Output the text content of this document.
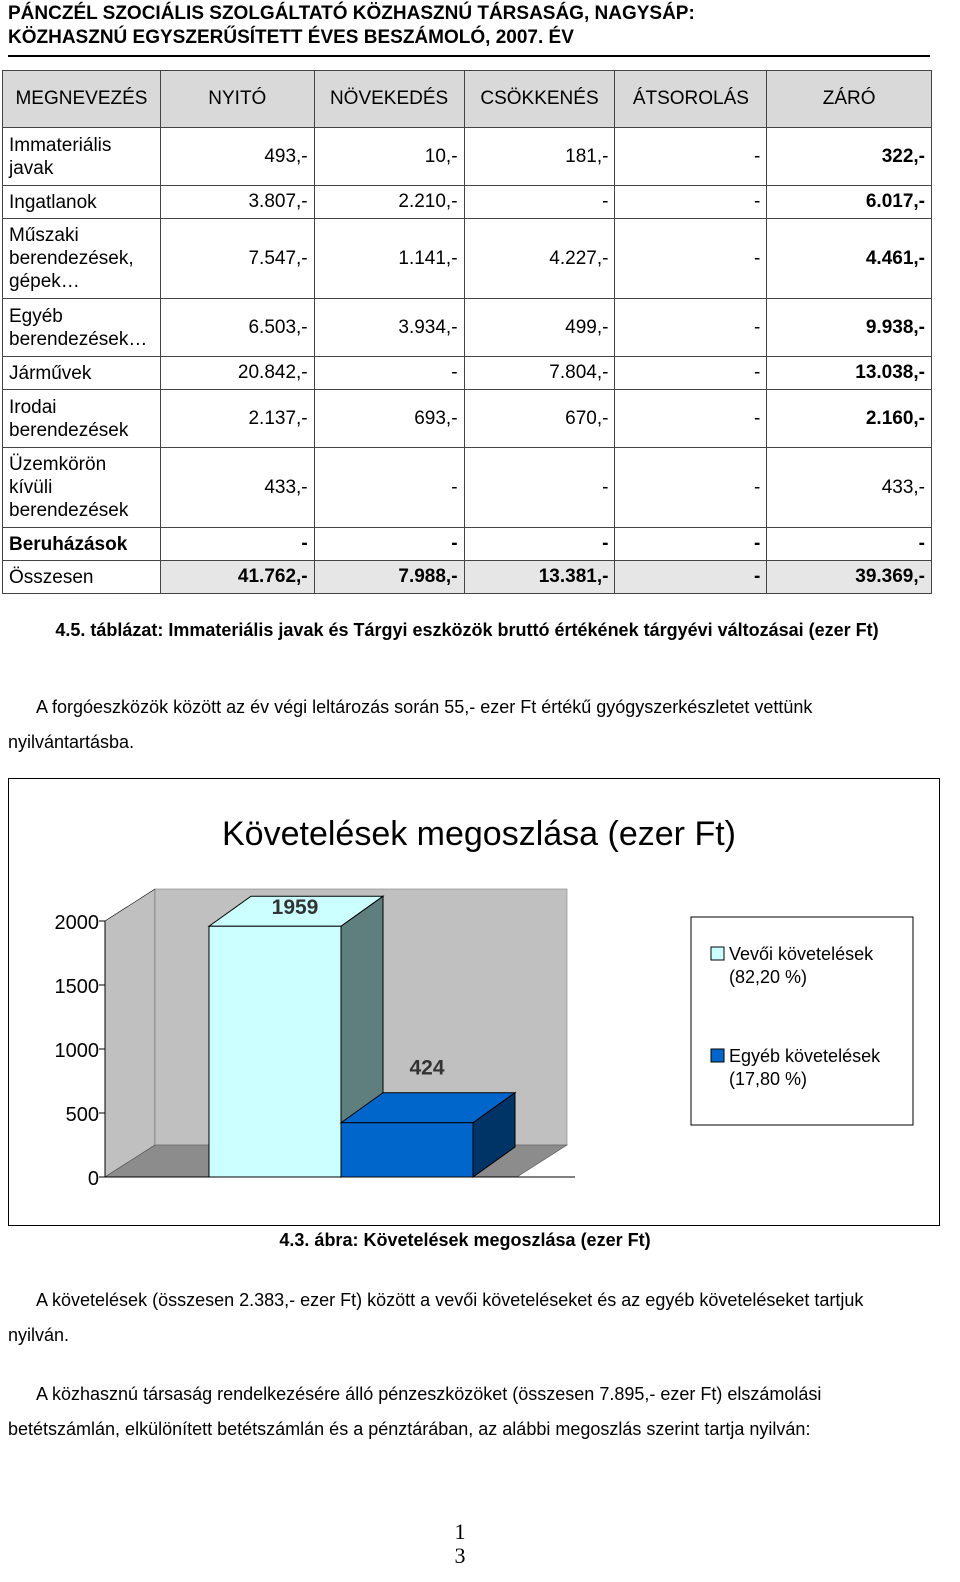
PÁNCZÉL SZOCIÁLIS SZOLGÁLTATÓ KÖZHASZNÚ TÁRSASÁG, NAGYSÁP:
KÖZHASZNÚ EGYSZERŰSÍTETT ÉVES BESZÁMOLÓ, 2007. ÉV
MEGNEVEZÉS	NYITÓ	NÖVEKEDÉS	CSÖKKENÉS	ÁTSOROLÁS	ZÁRÓ
Immateriális javak	493,-	10,-	181,-	-	322,-
Ingatlanok	3.807,-	2.210,-	-	-	6.017,-
Műszaki berendezések, gépek…	7.547,-	1.141,-	4.227,-	-	4.461,-
Egyéb berendezések…	6.503,-	3.934,-	499,-	-	9.938,-
Járművek	20.842,-	-	7.804,-	-	13.038,-
Irodai berendezések	2.137,-	693,-	670,-	-	2.160,-
Üzemkörön kívüli berendezések	433,-	-	-	-	433,-
Beruházások	-	-	-	-	-
Összesen	41.762,-	7.988,-	13.381,-	-	39.369,-
4.5. táblázat: Immateriális javak és Tárgyi eszközök bruttó értékének tárgyévi változásai (ezer Ft)
A forgóeszközök között az év végi leltározás során 55,- ezer Ft értékű gyógyszerkészletet vettünk nyilvántartásba.
Követelések megoszlása (ezer Ft)
0
500
1000
1500
2000
1959
424
Vevői követelések
(82,20 %)
Egyéb követelések
(17,80 %)
4.3. ábra: Követelések megoszlása (ezer Ft)
A követelések (összesen 2.383,- ezer Ft) között a vevői követeléseket és az egyéb követeléseket tartjuk nyilván.
A közhasznú társaság rendelkezésére álló pénzeszközöket (összesen 7.895,- ezer Ft) elszámolási betétszámlán, elkülönített betétszámlán és a pénztárában, az alábbi megoszlás szerint tartja nyilván:
1
3
